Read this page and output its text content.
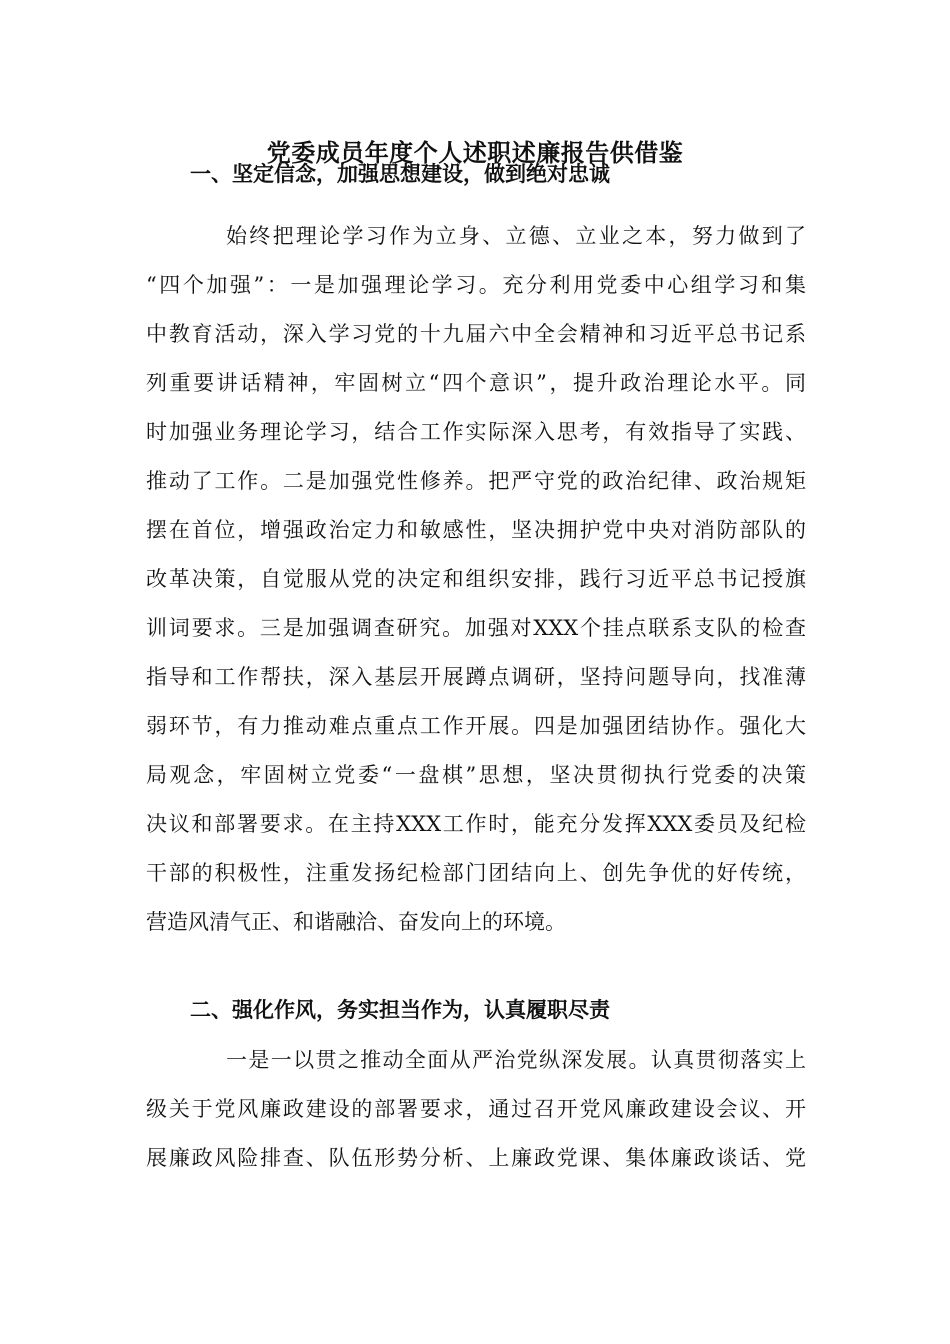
党委成员年度个人述职述廉报告供借鉴
一、坚定信念，加强思想建设，做到绝对忠诚
始终把理论学习作为立身、立德、立业之本，努力做到了
“四个加强”：一是加强理论学习。充分利用党委中心组学习和集
中教育活动，深入学习党的十九届六中全会精神和习近平总书记系
列重要讲话精神，牢固树立“四个意识”，提升政治理论水平。同
时加强业务理论学习，结合工作实际深入思考，有效指导了实践、
推动了工作。二是加强党性修养。把严守党的政治纪律、政治规矩
摆在首位，增强政治定力和敏感性，坚决拥护党中央对消防部队的
改革决策，自觉服从党的决定和组织安排，践行习近平总书记授旗
训词要求。三是加强调查研究。加强对XXX个挂点联系支队的检查
指导和工作帮扶，深入基层开展蹲点调研，坚持问题导向，找准薄
弱环节，有力推动难点重点工作开展。四是加强团结协作。强化大
局观念，牢固树立党委“一盘棋”思想，坚决贯彻执行党委的决策
决议和部署要求。在主持XXX工作时，能充分发挥XXX委员及纪检
干部的积极性，注重发扬纪检部门团结向上、创先争优的好传统，
营造风清气正、和谐融洽、奋发向上的环境。
二、强化作风，务实担当作为，认真履职尽责
一是一以贯之推动全面从严治党纵深发展。认真贯彻落实上
级关于党风廉政建设的部署要求，通过召开党风廉政建设会议、开
展廉政风险排查、队伍形势分析、上廉政党课、集体廉政谈话、党
